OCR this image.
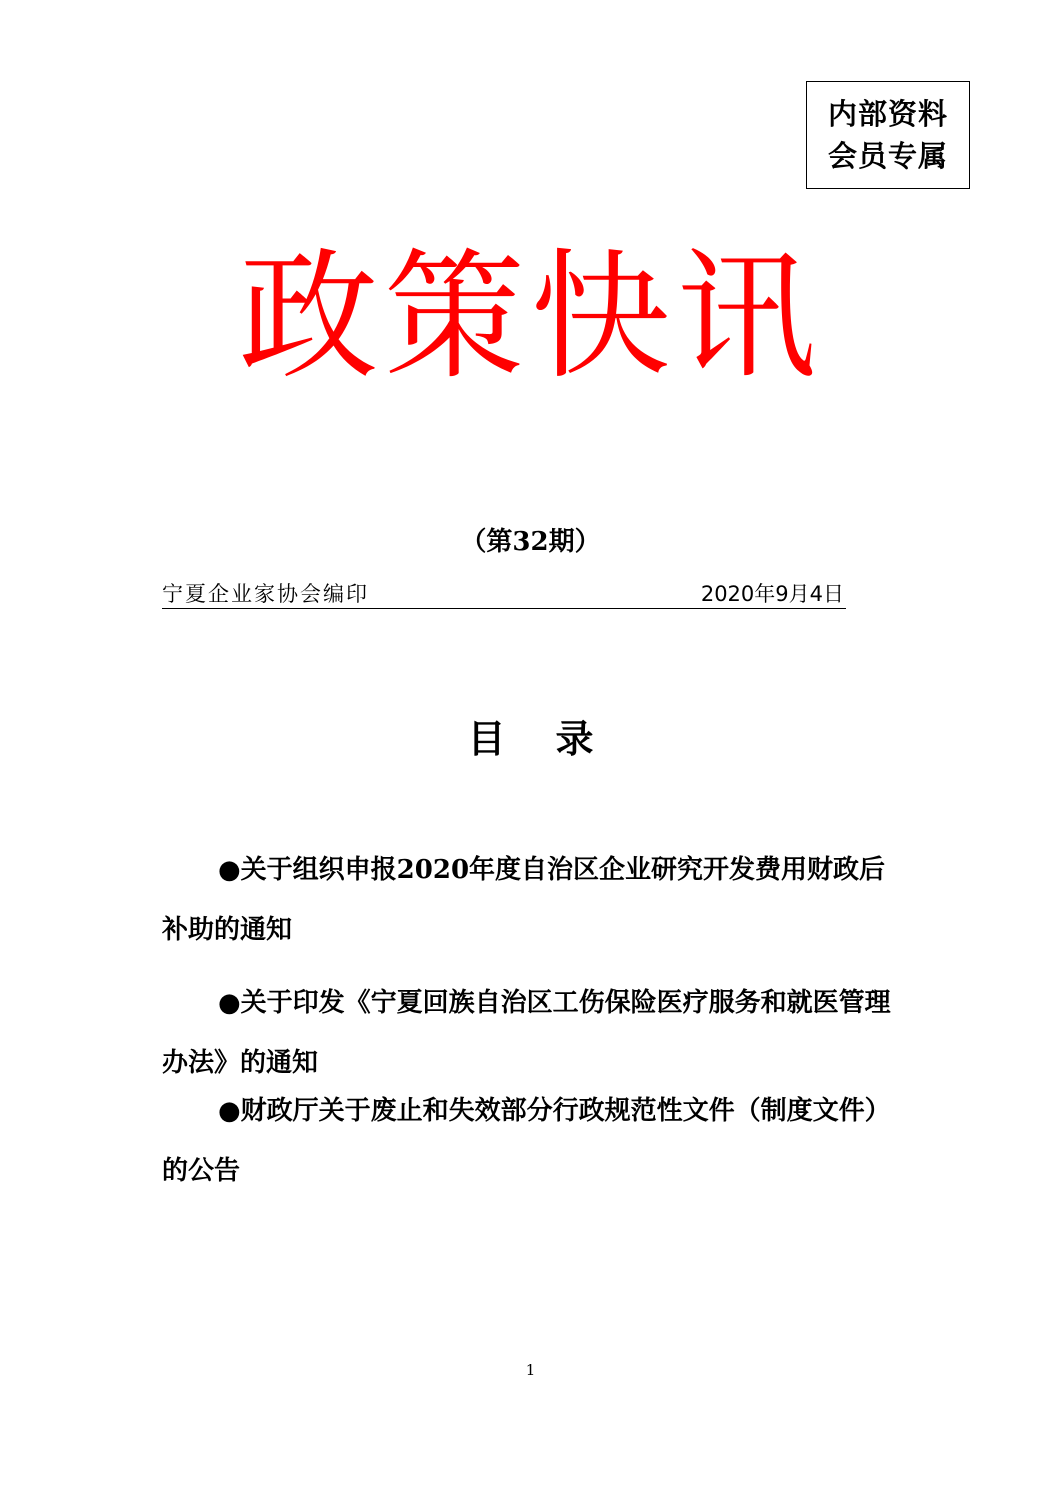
内部资料
会员专属
政策快讯
（第32期）
宁夏企业家协会编印	2020年9月4日
目录
●关于组织申报2020年度自治区企业研究开发费用财政后补助的通知
●关于印发《宁夏回族自治区工伤保险医疗服务和就医管理办法》的通知
●财政厅关于废止和失效部分行政规范性文件（制度文件）的公告
1
